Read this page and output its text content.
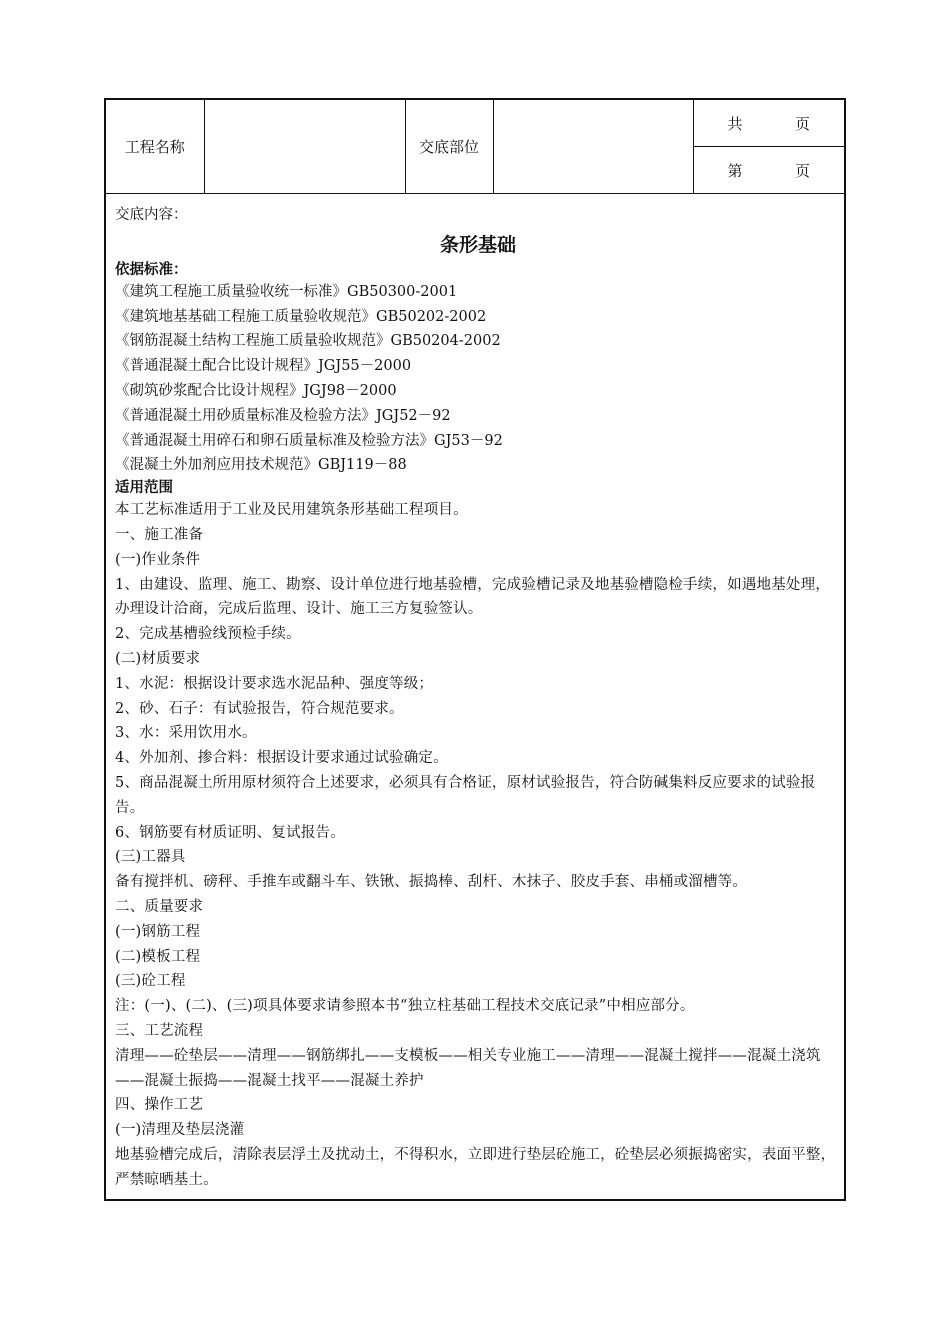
工程名称		交底部位		
共	页

第	页
交底内容：
条形基础
依据标准：
《建筑工程施工质量验收统一标准》GB50300-2001
《建筑地基基础工程施工质量验收规范》GB50202-2002
《钢筋混凝土结构工程施工质量验收规范》GB50204-2002
《普通混凝土配合比设计规程》JGJ55－2000
《砌筑砂浆配合比设计规程》JGJ98－2000
《普通混凝土用砂质量标准及检验方法》JGJ52－92
《普通混凝土用碎石和卵石质量标准及检验方法》GJ53－92
《混凝土外加剂应用技术规范》GBJ119－88
适用范围
本工艺标准适用于工业及民用建筑条形基础工程项目。
一、施工准备
(一)作业条件
1、由建设、监理、施工、勘察、设计单位进行地基验槽，完成验槽记录及地基验槽隐检手续，如遇地基处理，办理设计洽商，完成后监理、设计、施工三方复验签认。
2、完成基槽验线预检手续。
(二)材质要求
1、水泥：根据设计要求选水泥品种、强度等级；
2、砂、石子：有试验报告，符合规范要求。
3、水：采用饮用水。
4、外加剂、掺合料：根据设计要求通过试验确定。
5、商品混凝土所用原材须符合上述要求，必须具有合格证，原材试验报告，符合防碱集料反应要求的试验报告。
6、钢筋要有材质证明、复试报告。
(三)工器具
备有搅拌机、磅秤、手推车或翻斗车、铁锹、振捣棒、刮杆、木抹子、胶皮手套、串桶或溜槽等。
二、质量要求
(一)钢筋工程
(二)模板工程
(三)砼工程
注：(一)、(二)、(三)项具体要求请参照本书“独立柱基础工程技术交底记录”中相应部分。
三、工艺流程
清理——砼垫层——清理——钢筋绑扎——支模板——相关专业施工——清理——混凝土搅拌——混凝土浇筑——混凝土振捣——混凝土找平——混凝土养护
四、操作工艺
(一)清理及垫层浇灌
地基验槽完成后，清除表层浮土及扰动土，不得积水，立即进行垫层砼施工，砼垫层必须振捣密实，表面平整，严禁晾晒基土。
